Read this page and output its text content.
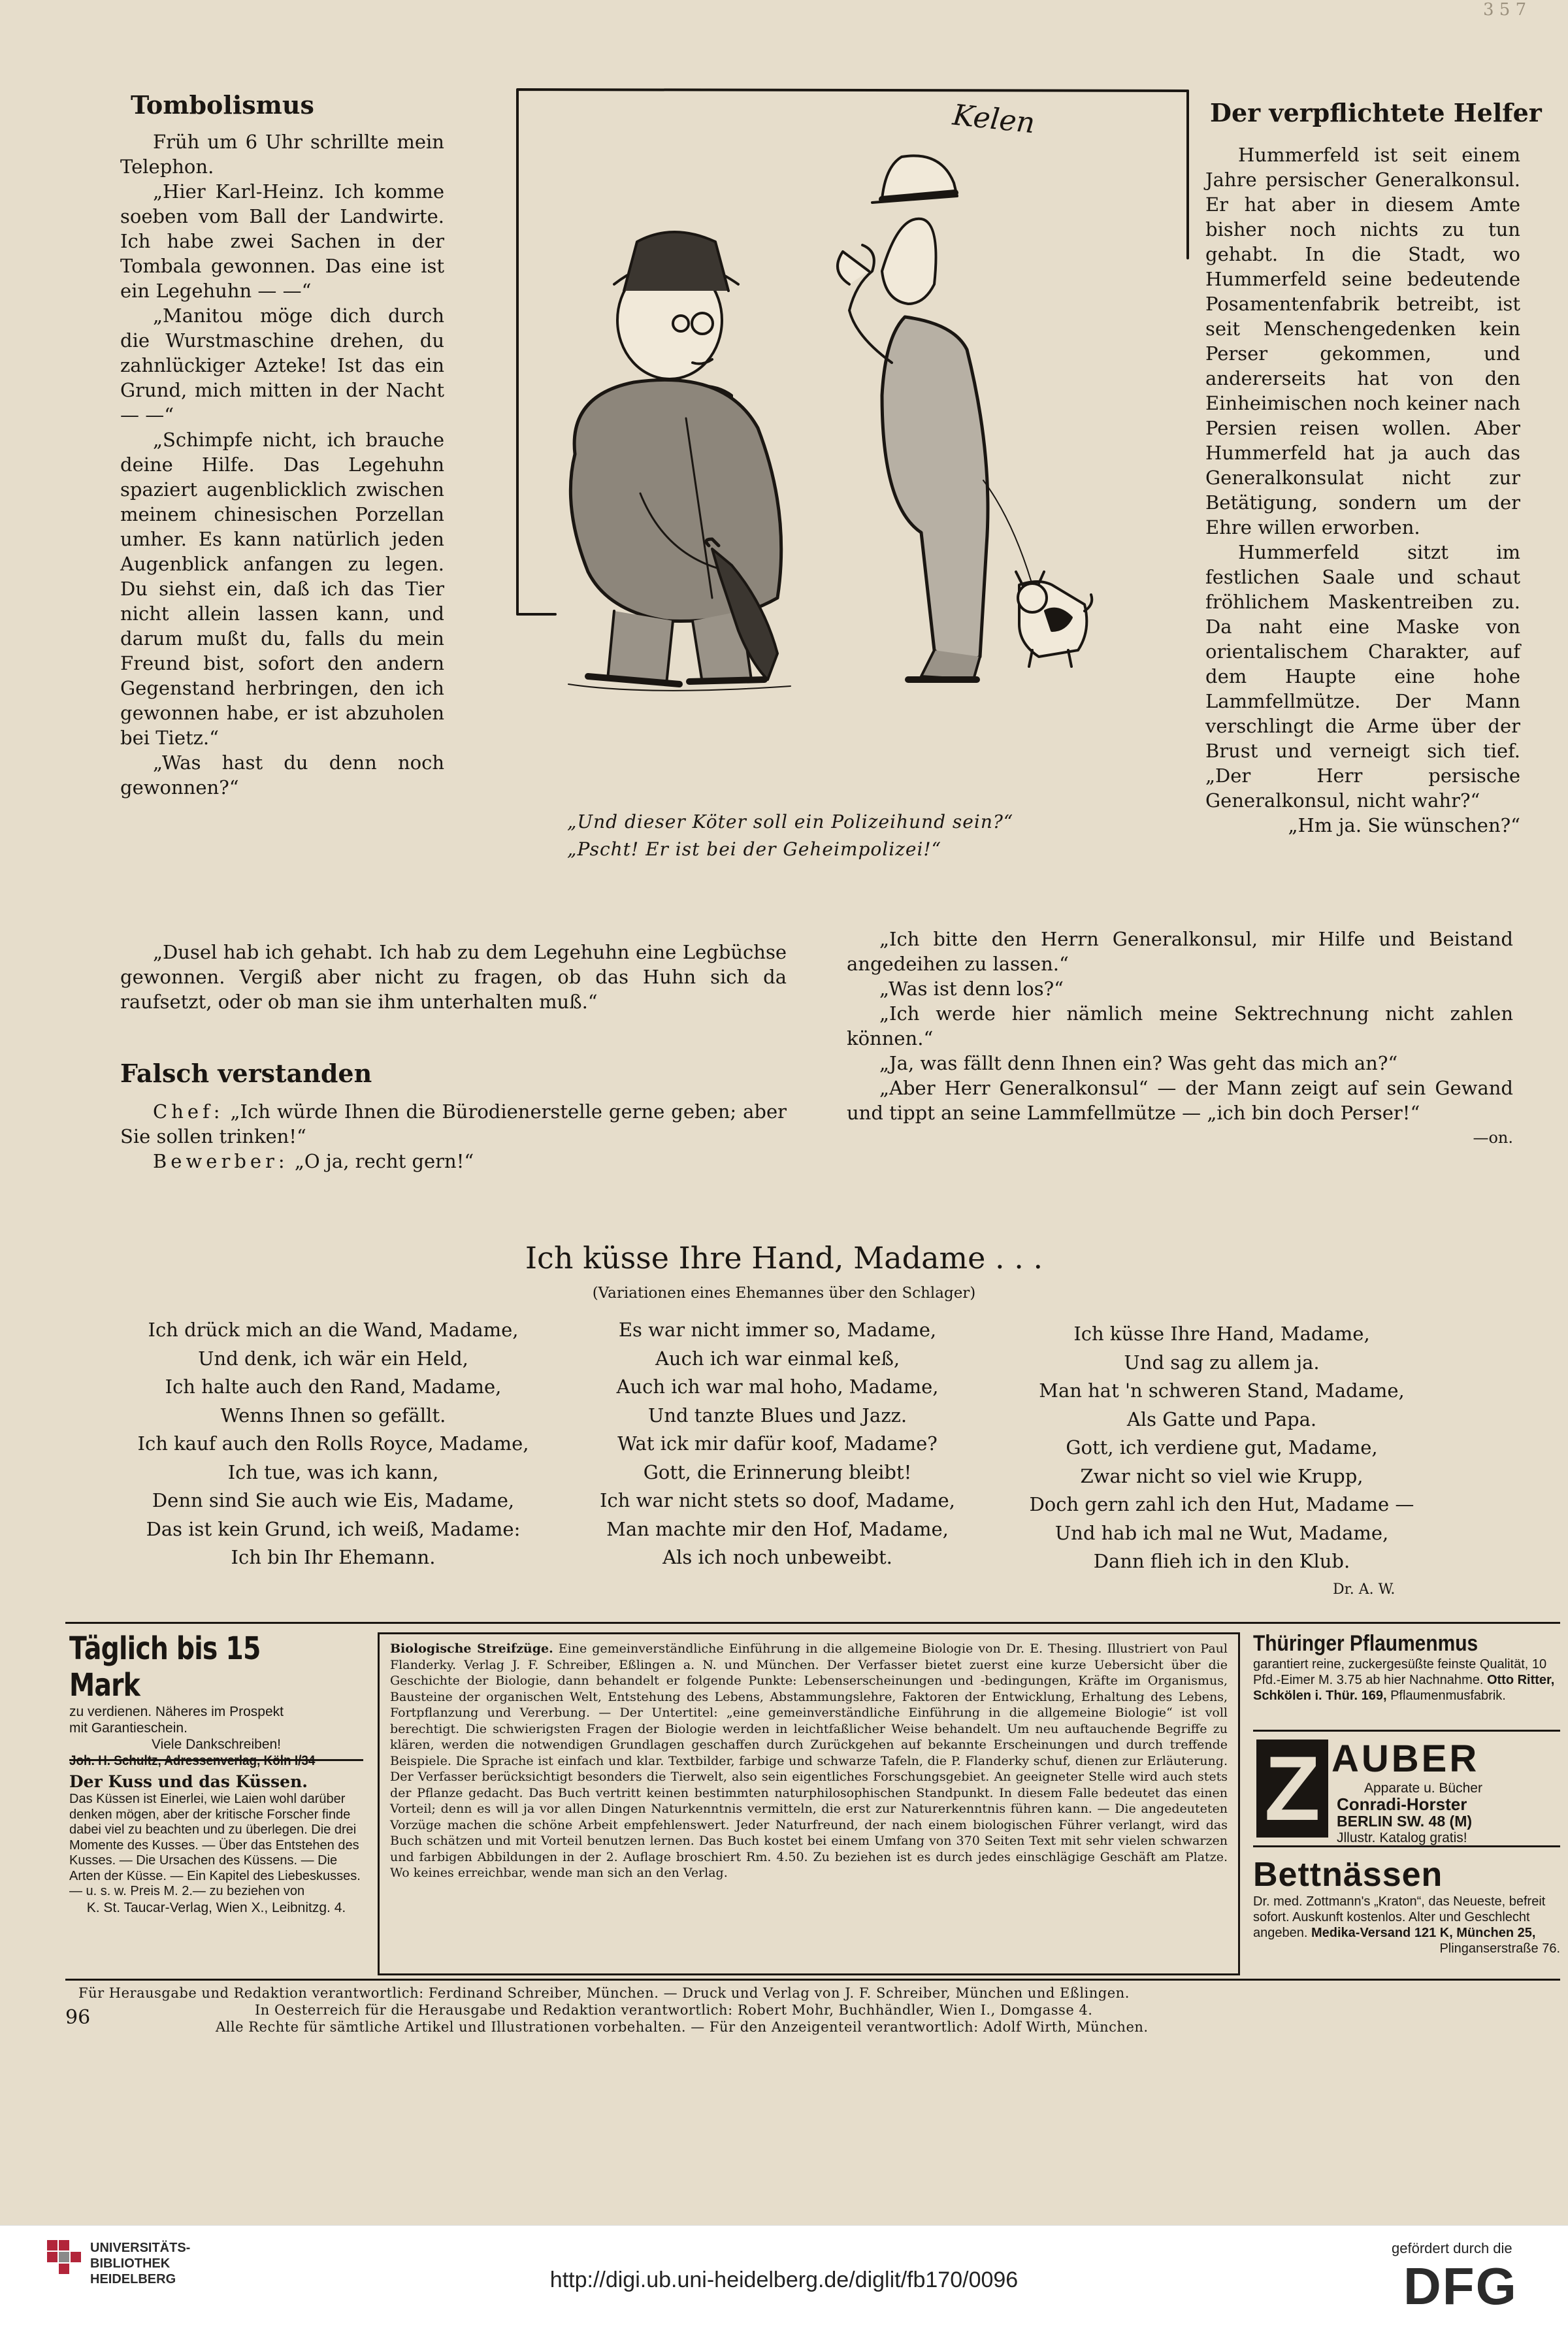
3 5 7
Tombolismus

Früh um 6 Uhr schrillte mein Telephon.

„Hier Karl-Heinz. Ich komme soeben vom Ball der Landwirte. Ich habe zwei Sachen in der Tombala gewonnen. Das eine ist ein Legehuhn — —“

„Manitou möge dich durch die Wurstmaschine drehen, du zahnlückiger Azteke! Ist das ein Grund, mich mitten in der Nacht — —“

„Schimpfe nicht, ich brauche deine Hilfe. Das Legehuhn spaziert augenblicklich zwischen meinem chinesischen Porzellan umher. Es kann natürlich jeden Augenblick anfangen zu legen. Du siehst ein, daß ich das Tier nicht allein lassen kann, und darum mußt du, falls du mein Freund bist, sofort den andern Gegenstand herbringen, den ich gewonnen habe, er ist abzuholen bei Tietz.“

„Was hast du denn noch gewonnen?“

„Dusel hab ich gehabt. Ich hab zu dem Legehuhn eine Legbüchse gewonnen. Vergiß aber nicht zu fragen, ob das Huhn sich da raufsetzt, oder ob man sie ihm unterhalten muß.“

Falsch verstanden

Chef: „Ich würde Ihnen die Bürodienerstelle gerne geben; aber Sie sollen trinken!“

Bewerber: „O ja, recht gern!“

Kelen
„Und dieser Köter soll ein Polizeihund sein?“
„Pscht! Er ist bei der Geheimpolizei!“
Der verpflichtete Helfer

Hummerfeld ist seit einem Jahre persischer Generalkonsul. Er hat aber in diesem Amte bisher noch nichts zu tun gehabt. In die Stadt, wo Hummerfeld seine bedeutende Posamentenfabrik betreibt, ist seit Menschengedenken kein Perser gekommen, und andererseits hat von den Einheimischen noch keiner nach Persien reisen wollen. Aber Hummerfeld hat ja auch das Generalkonsulat nicht zur Betätigung, sondern um der Ehre willen erworben.

Hummerfeld sitzt im festlichen Saale und schaut fröhlichem Maskentreiben zu. Da naht eine Maske von orientalischem Charakter, auf dem Haupte eine hohe Lammfellmütze. Der Mann verschlingt die Arme über der Brust und verneigt sich tief. „Der Herr persische Generalkonsul, nicht wahr?“

„Hm ja. Sie wünschen?“

„Ich bitte den Herrn Generalkonsul, mir Hilfe und Beistand angedeihen zu lassen.“

„Was ist denn los?“

„Ich werde hier nämlich meine Sektrechnung nicht zahlen können.“

„Ja, was fällt denn Ihnen ein? Was geht das mich an?“

„Aber Herr Generalkonsul“ — der Mann zeigt auf sein Gewand und tippt an seine Lammfellmütze — „ich bin doch Perser!“

—on.

Ich küsse Ihre Hand, Madame . . .
(Variationen eines Ehemannes über den Schlager)
Ich drück mich an die Wand, Madame,
Und denk, ich wär ein Held,
Ich halte auch den Rand, Madame,
Wenns Ihnen so gefällt.
Ich kauf auch den Rolls Royce, Madame,
Ich tue, was ich kann,
Denn sind Sie auch wie Eis, Madame,
Das ist kein Grund, ich weiß, Madame:
Ich bin Ihr Ehemann.
Es war nicht immer so, Madame,
Auch ich war einmal keß,
Auch ich war mal hoho, Madame,
Und tanzte Blues und Jazz.
Wat ick mir dafür koof, Madame?
Gott, die Erinnerung bleibt!
Ich war nicht stets so doof, Madame,
Man machte mir den Hof, Madame,
Als ich noch unbeweibt.
Ich küsse Ihre Hand, Madame,
Und sag zu allem ja.
Man hat 'n schweren Stand, Madame,
Als Gatte und Papa.
Gott, ich verdiene gut, Madame,
Zwar nicht so viel wie Krupp,
Doch gern zahl ich den Hut, Madame —
Und hab ich mal ne Wut, Madame,
Dann flieh ich in den Klub.
Dr. A. W.
Täglich bis 15 Mark
zu verdienen. Näheres im Prospekt
mit Garantieschein.
Viele Dankschreiben!
Joh. H. Schultz, Adressenverlag, Köln I/34
Der Kuss und das Küssen.
Das Küssen ist Einerlei, wie Laien wohl darüber denken mögen, aber der kritische Forscher finde dabei viel zu beachten und zu überlegen. Die drei Momente des Kusses. — Über das Entstehen des Kusses. — Die Ursachen des Küssens. — Die Arten der Küsse. — Ein Kapitel des Liebeskusses. — u. s. w. Preis M. 2.— zu beziehen von
K. St. Taucar-Verlag, Wien X., Leibnitzg. 4.
Biologische Streifzüge. Eine gemeinverständliche Einführung in die allgemeine Biologie von Dr. E. Thesing. Illustriert von Paul Flanderky. Verlag J. F. Schreiber, Eßlingen a. N. und München. Der Verfasser bietet zuerst eine kurze Uebersicht über die Geschichte der Biologie, dann behandelt er folgende Punkte: Lebenserscheinungen und -bedingungen, Kräfte im Organismus, Bausteine der organischen Welt, Entstehung des Lebens, Abstammungslehre, Faktoren der Entwicklung, Erhaltung des Lebens, Fortpflanzung und Vererbung. — Der Untertitel: „eine gemeinverständliche Einführung in die allgemeine Biologie“ ist voll berechtigt. Die schwierigsten Fragen der Biologie werden in leichtfaßlicher Weise behandelt. Um neu auftauchende Begriffe zu klären, werden die notwendigen Grundlagen geschaffen durch Zurückgehen auf bekannte Erscheinungen und durch treffende Beispiele. Die Sprache ist einfach und klar. Textbilder, farbige und schwarze Tafeln, die P. Flanderky schuf, dienen zur Erläuterung. Der Verfasser berücksichtigt besonders die Tierwelt, also sein eigentliches Forschungsgebiet. An geeigneter Stelle wird auch stets der Pflanze gedacht. Das Buch vertritt keinen bestimmten naturphilosophischen Standpunkt. In diesem Falle bedeutet das einen Vorteil; denn es will ja vor allen Dingen Naturkenntnis vermitteln, die erst zur Naturerkenntnis führen kann. — Die angedeuteten Vorzüge machen die schöne Arbeit empfehlenswert. Jeder Naturfreund, der nach einem biologischen Führer verlangt, wird das Buch schätzen und mit Vorteil benutzen lernen. Das Buch kostet bei einem Umfang von 370 Seiten Text mit sehr vielen schwarzen und farbigen Abbildungen in der 2. Auflage broschiert Rm. 4.50. Zu beziehen ist es durch jedes einschlägige Geschäft am Platze. Wo keines erreichbar, wende man sich an den Verlag.
Thüringer Pflaumenmus
garantiert reine, zuckergesüßte feinste Qualität, 10 Pfd.-Eimer M. 3.75 ab hier Nachnahme. Otto Ritter, Schkölen i. Thür. 169, Pflaumenmusfabrik.
Z AUBER
Apparate u. Bücher
Conradi-Horster
BERLIN SW. 48 (M)
Jllustr. Katalog gratis!
Bettnässen
Dr. med. Zottmann's „Kraton“, das Neueste, befreit sofort. Auskunft kostenlos. Alter und Geschlecht angeben. Medika-Versand 121 K, München 25,
Plinganserstraße 76.
Für Herausgabe und Redaktion verantwortlich: Ferdinand Schreiber, München. — Druck und Verlag von J. F. Schreiber, München und Eßlingen.
In Oesterreich für die Herausgabe und Redaktion verantwortlich: Robert Mohr, Buchhändler, Wien I., Domgasse 4.
Alle Rechte für sämtliche Artikel und Illustrationen vorbehalten. — Für den Anzeigenteil verantwortlich: Adolf Wirth, München.
96
UNIVERSITÄTS-
BIBLIOTHEK
HEIDELBERG	http://digi.ub.uni-heidelberg.de/diglit/fb170/0096
gefördert durch die
DFG
